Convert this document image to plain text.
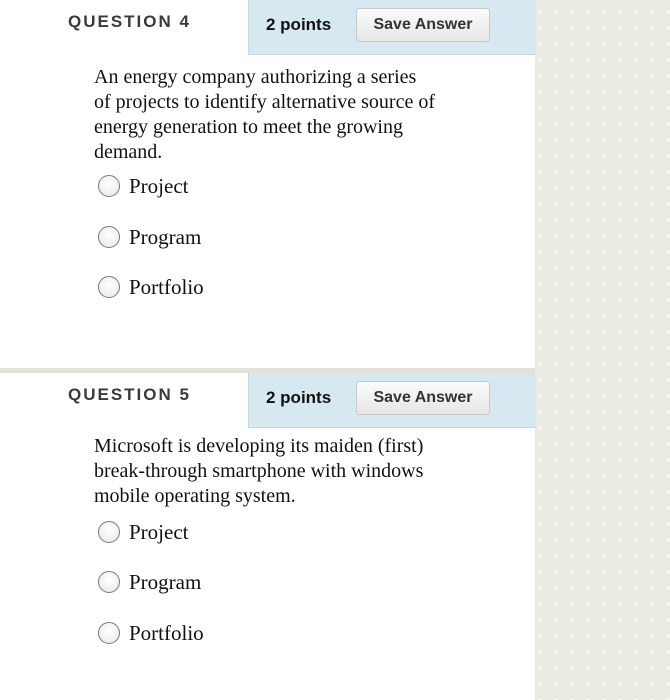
QUESTION 4	2 points	Save Answer
An energy company authorizing a series
of projects to identify alternative source of
energy generation to meet the growing
demand.
Project
Program
Portfolio
QUESTION 5	2 points	Save Answer
Microsoft is developing its maiden (first)
break-through smartphone with windows
mobile operating system.
Project
Program
Portfolio
